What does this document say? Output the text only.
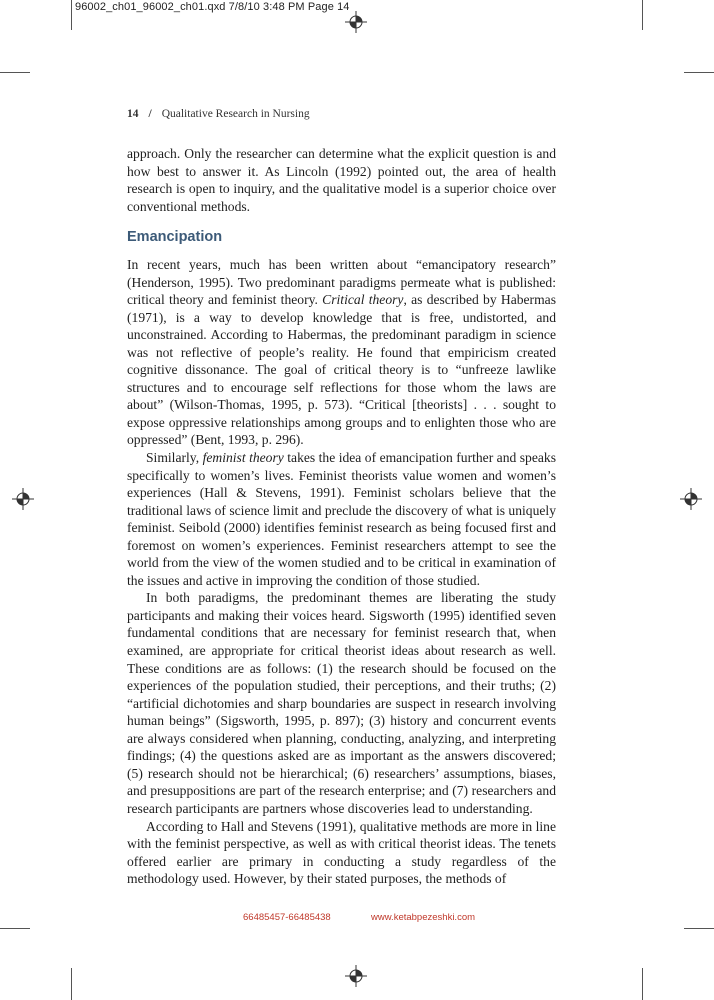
96002_ch01_96002_ch01.qxd 7/8/10 3:48 PM Page 14
14 / Qualitative Research in Nursing

approach. Only the researcher can determine what the explicit question is and how best to answer it. As Lincoln (1992) pointed out, the area of health research is open to inquiry, and the qualitative model is a superior choice over conventional methods.

Emancipation

In recent years, much has been written about “emancipatory research” (Henderson, 1995). Two predominant paradigms permeate what is published: critical theory and feminist theory. Critical theory, as described by Habermas (1971), is a way to develop knowledge that is free, undistorted, and unconstrained. According to Habermas, the predominant paradigm in science was not reflective of people’s reality. He found that empiricism created cognitive dissonance. The goal of critical theory is to “unfreeze lawlike structures and to encourage self reflections for those whom the laws are about” (Wilson-Thomas, 1995, p. 573). “Critical [theorists] . . . sought to expose oppressive relationships among groups and to enlighten those who are oppressed” (Bent, 1993, p. 296).

Similarly, feminist theory takes the idea of emancipation further and speaks specifically to women’s lives. Feminist theorists value women and women’s experiences (Hall & Stevens, 1991). Feminist scholars believe that the traditional laws of science limit and preclude the discovery of what is uniquely feminist. Seibold (2000) identifies feminist research as being focused first and foremost on women’s experiences. Feminist researchers attempt to see the world from the view of the women studied and to be critical in examination of the issues and active in improving the condition of those studied.

In both paradigms, the predominant themes are liberating the study participants and making their voices heard. Sigsworth (1995) identified seven fundamental conditions that are necessary for feminist research that, when examined, are appropriate for critical theorist ideas about research as well. These conditions are as follows: (1) the research should be focused on the experiences of the population studied, their perceptions, and their truths; (2) “artificial dichotomies and sharp boundaries are suspect in research involving human beings” (Sigsworth, 1995, p. 897); (3) history and concurrent events are always considered when planning, conducting, analyzing, and interpreting findings; (4) the questions asked are as important as the answers discovered; (5) research should not be hierarchical; (6) researchers’ assumptions, biases, and presuppositions are part of the research enterprise; and (7) researchers and research participants are partners whose discoveries lead to understanding.

According to Hall and Stevens (1991), qualitative methods are more in line with the feminist perspective, as well as with critical theorist ideas. The tenets offered earlier are primary in conducting a study regardless of the methodology used. However, by their stated purposes, the methods of

66485457-66485438	www.ketabpezeshki.com
